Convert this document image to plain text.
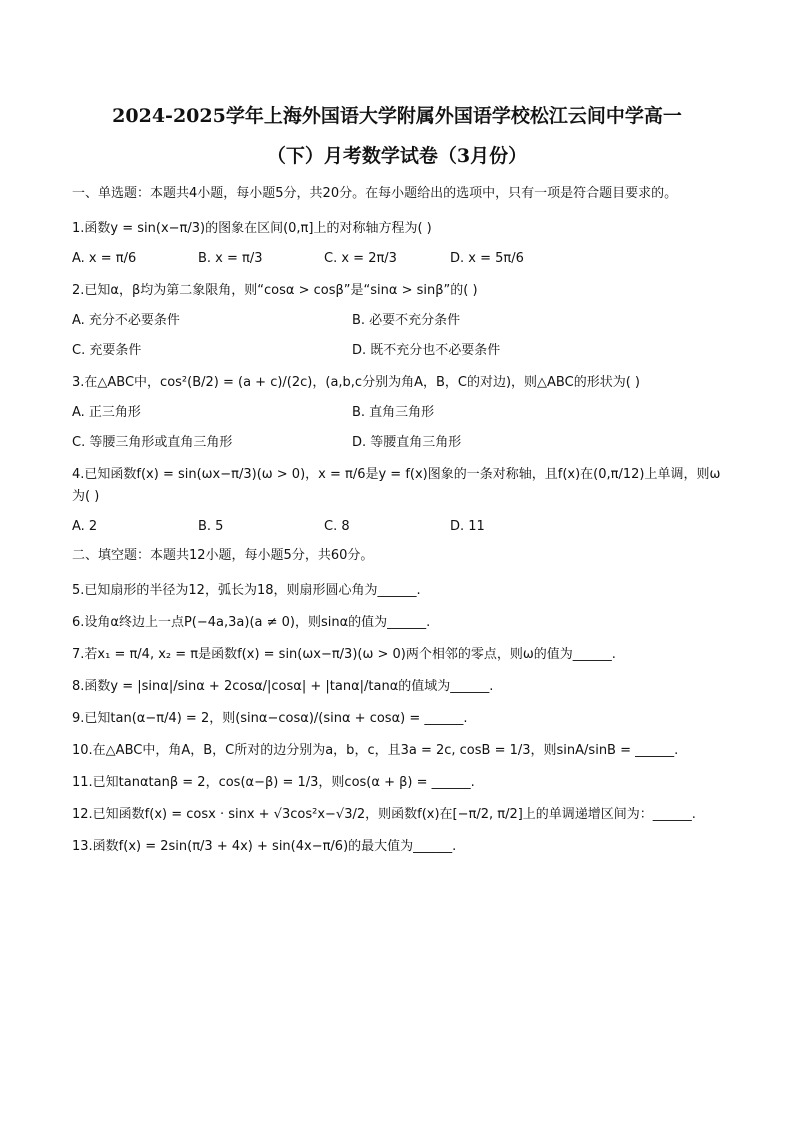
2024-2025学年上海外国语大学附属外国语学校松江云间中学高一
（下）月考数学试卷（3月份）
一、单选题：本题共4小题，每小题5分，共20分。在每小题给出的选项中，只有一项是符合题目要求的。
1.函数y = sin(x−π/3)的图象在区间(0,π]上的对称轴方程为( )
A. x = π/6	B. x = π/3	C. x = 2π/3	D. x = 5π/6
2.已知α，β均为第二象限角，则“cosα > cosβ”是“sinα > sinβ”的( )
A. 充分不必要条件	B. 必要不充分条件
C. 充要条件	D. 既不充分也不必要条件
3.在△ABC中，cos²(B/2) = (a + c)/(2c)，(a,b,c分别为角A，B，C的对边)，则△ABC的形状为( )
A. 正三角形	B. 直角三角形
C. 等腰三角形或直角三角形	D. 等腰直角三角形
4.已知函数f(x) = sin(ωx−π/3)(ω > 0)，x = π/6是y = f(x)图象的一条对称轴，且f(x)在(0,π/12)上单调，则ω为( )
A. 2	B. 5	C. 8	D. 11
二、填空题：本题共12小题，每小题5分，共60分。
5.已知扇形的半径为12，弧长为18，则扇形圆心角为______.
6.设角α终边上一点P(−4a,3a)(a ≠ 0)，则sinα的值为______.
7.若x₁ = π/4, x₂ = π是函数f(x) = sin(ωx−π/3)(ω > 0)两个相邻的零点，则ω的值为______.
8.函数y = |sinα|/sinα + 2cosα/|cosα| + |tanα|/tanα的值域为______.
9.已知tan(α−π/4) = 2，则(sinα−cosα)/(sinα + cosα) = ______.
10.在△ABC中，角A，B，C所对的边分别为a，b，c，且3a = 2c, cosB = 1/3，则sinA/sinB = ______.
11.已知tanαtanβ = 2，cos(α−β) = 1/3，则cos(α + β) = ______.
12.已知函数f(x) = cosx · sinx + √3cos²x−√3/2，则函数f(x)在[−π/2, π/2]上的单调递增区间为：______.
13.函数f(x) = 2sin(π/3 + 4x) + sin(4x−π/6)的最大值为______.
